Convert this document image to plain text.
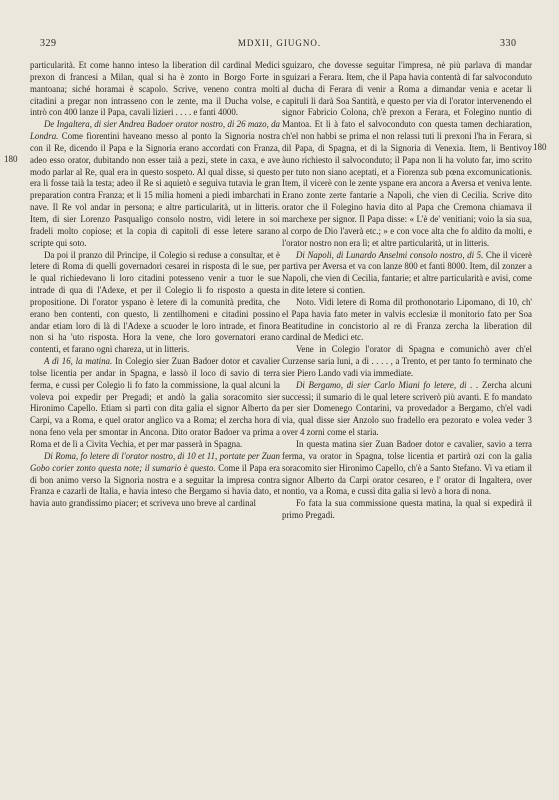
329	MDXII, GIUGNO.	330
180
180

particularità. Et come hanno inteso la liberation dil cardinal Medici prexon di francesi a Milan, qual si ha è zonto in Borgo Forte in mantoana; siché horamai è scapolo. Scrive, veneno contra molti citadini a pregar non intrasseno con le zente, ma il Ducha volse, e intrò con 400 lanze il Papa, cavali lizieri . . . . e fanti 4000.

De Ingaltera, di sier Andrea Badoer orator nostro, di 26 mazo, da Londra. Come fiorentini haveano messo al ponto la Signoria nostra con il Re, dicendo il Papa e la Signoria erano accordati con Franza, adeo esso orator, dubitando non esser taià a pezi, stete in caxa, e ave modo parlar al Re, qual era in questo sospeto. Al qual disse, si questo era li fosse taià la testa; adeo il Re si aquietò e seguiva tutavia le gran preparation contra Franza; et li 15 milia homeni a piedi imbarchati in nave. Il Re vol andar in persona; e altre particularità, ut in litteris. Item, di sier Lorenzo Pasqualigo consolo nostro, vidi letere in soi fradeli molto copiose; et la copia di capitoli di esse letere sarano scripte qui soto.

Da poi il pranzo dil Principe, il Colegio si reduse a consultar, et è letere di Roma di quelli governadori cesarei in risposta di le sue, per le qual richiedevano li loro citadini potesseno venir a tuor le sue intrade di qua di l'Adexe, et per il Colegio li fo risposto a questa propositione. Di l'orator yspano è letere di la comunità predita, che erano ben contenti, con questo, li zentilhomeni e citadini possino andar etiam loro di là di l'Adexe a scuoder le loro intrade, et finora non si ha 'uto risposta. Hora la vene, che loro governatori erano contenti, et farano ogni chareza, ut in litteris.

A dì 16, la matina. In Colegio sier Zuan Badoer dotor et cavalier tolse licentia per andar in Spagna, e lassò il loco di savio di terra ferma, e cussì per Colegio li fo fato la commissione, la qual alcuni la voleva poi expedir per Pregadi; et andò la galia soracomito sier Hironimo Capello. Etiam si partì con dita galia el signor Alberto da Carpi, va a Roma, e quel orator anglico va a Roma; el zercha hora di nona feno vela per smontar in Ancona. Dito orator Badoer va prima a Roma et de lì a Civita Vechia, et per mar passerà in Spagna.

Di Roma, fo letere di l'orator nostro, di 10 et 11, portate per Zuan Gobo corier zonto questa note; il sumario è questo. Come il Papa era di bon animo verso la Signoria nostra e a seguitar la impresa contra Franza e cazarli de Italia, e havia inteso che Bergamo si havia dato, et havia auto grandissimo piacer; et scriveva uno breve al cardinal

sguizaro, che dovesse seguitar l'impresa, nè più parlava di mandar sguizari a Ferara. Item, che il Papa havia contentà di far salvoconduto al ducha di Ferara di venir a Roma a dimandar venia e acetar li capituli li darà Soa Santità, e questo per via di l'orator intervenendo el signor Fabricio Colona, ch'è prexon a Ferara, et Folegino nuntio di Mantoa. Et li à fato el salvoconduto con questa tamen dechiaration, ch'el non habbi se prima el non relassi tuti li prexoni l'ha in Ferara, sì dil Papa, di Spagna, et di la Signoria di Venexia. Item, li Bentivoy àuno richiesto il salvoconduto; il Papa non li ha voluto far, imo scrito per tuto non siano aceptati, et a Fiorenza sub pœna excomunicationis. Item, il vicerè con le zente yspane era ancora a Aversa et veniva lente. Erano zonte zerte fantarie a Napoli, che vien di Cecilia. Scrive dito orator che il Folegino havia dito al Papa che Cremona chiamava il marchexe per signor. Il Papa disse: « L'è de' venitiani; voio la sia sua, al corpo de Dio l'averà etc.; » e con voce alta che fo aldito da molti, e l'orator nostro non era lì; et altre particularità, ut in litteris.

Di Napoli, di Lunardo Anselmi consolo nostro, di 5. Che il vicerè partiva per Aversa et va con lanze 800 et fanti 8000. Item, dil zonzer a Napoli, che vien di Cecilia, fantarie; et altre particularità e avisi, come in dite letere si contien.

Noto. Vidi letere di Roma dil prothonotario Lipomano, di 10, ch' el Papa havia fato meter in valvis ecclesiæ il monitorio fato per Soa Beatitudine in concistorio al re di Franza zercha la liberation dil cardinal de Medici etc.

Vene in Colegio l'orator di Spagna e comunichò aver ch'el Curzense saria luni, a dì . . . . , a Trento, et per tanto fo terminato che sier Piero Lando vadi via immediate.

Di Bergamo, di sier Carlo Miani fo letere, di . . Zercha alcuni successi; il sumario di le qual letere scriverò più avanti. E fo mandato per sier Domenego Contarini, va provedador a Bergamo, ch'el vadi via, qual disse sier Anzolo suo fradello era pezorato e volea veder 3 over 4 zorni come el staria.

In questa matina sier Zuan Badoer dotor e cavalier, savio a terra ferma, va orator in Spagna, tolse licentia et partirà ozi con la galia soracomito sier Hironimo Capello, ch'è a Santo Stefano. Vi va etiam il signor Alberto da Carpi orator cesareo, e l' orator di Ingaltera, over nontio, va a Roma, e cussì dita galia si levò a hora di nona.

Fo fata la sua commissione questa matina, la qual si expedirà il primo Pregadi.
